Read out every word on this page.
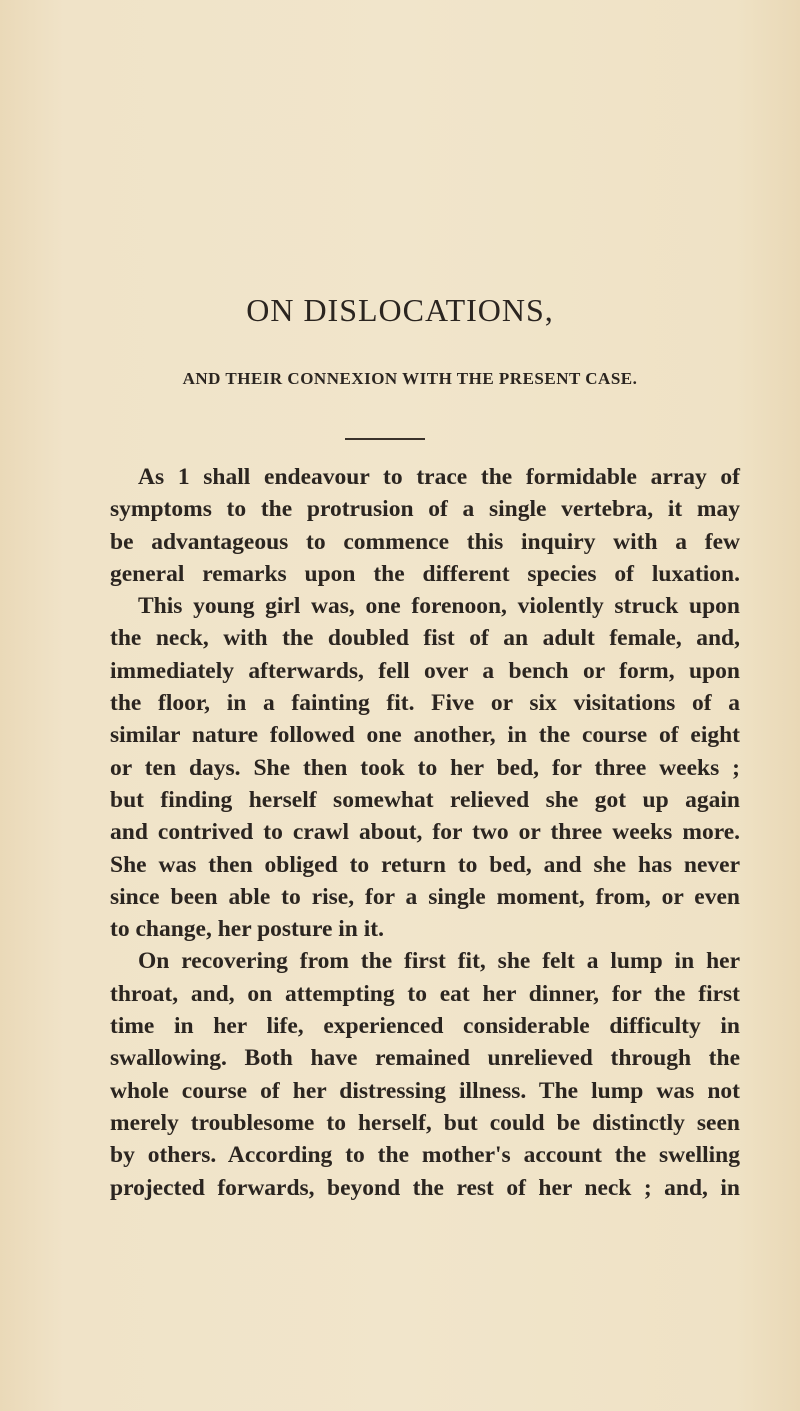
ON DISLOCATIONS,
AND THEIR CONNEXION WITH THE PRESENT CASE.
As 1 shall endeavour to trace the formidable array of
symptoms to the protrusion of a single vertebra, it may
be advantageous to commence this inquiry with a few
general remarks upon the different species of luxation.
This young girl was, one forenoon, violently struck upon
the neck, with the doubled fist of an adult female, and,
immediately afterwards, fell over a bench or form, upon
the floor, in a fainting fit. Five or six visitations of a
similar nature followed one another, in the course of eight
or ten days. She then took to her bed, for three weeks ;
but finding herself somewhat relieved she got up again
and contrived to crawl about, for two or three weeks more.
She was then obliged to return to bed, and she has never
since been able to rise, for a single moment, from, or even
to change, her posture in it.
On recovering from the first fit, she felt a lump in her
throat, and, on attempting to eat her dinner, for the first
time in her life, experienced considerable difficulty in
swallowing. Both have remained unrelieved through the
whole course of her distressing illness. The lump was not
merely troublesome to herself, but could be distinctly seen
by others. According to the mother's account the swelling
projected forwards, beyond the rest of her neck ; and, in
